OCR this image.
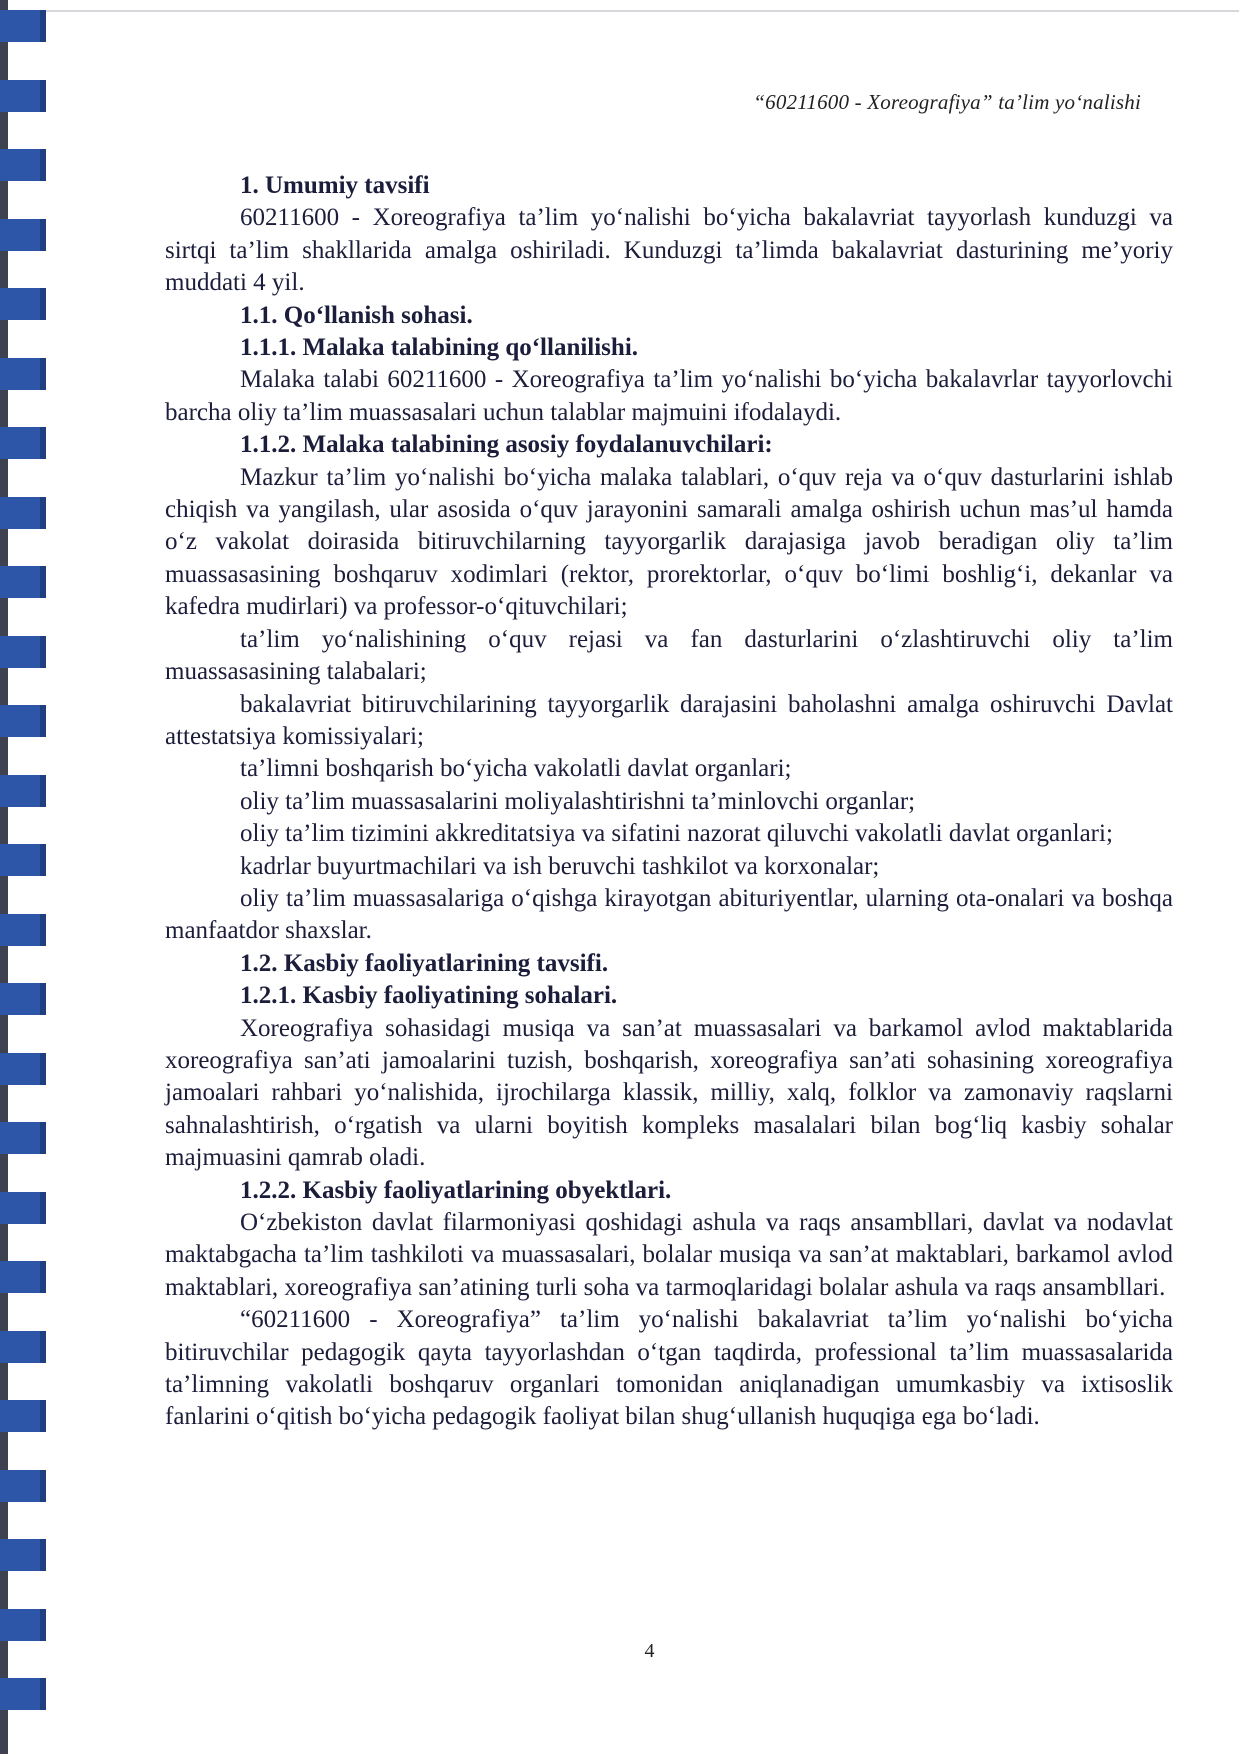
“60211600 - Xoreografiya” ta’lim yo‘nalishi

1. Umumiy tavsifi

60211600 - Xoreografiya ta’lim yo‘nalishi bo‘yicha bakalavriat tayyorlash kunduzgi va sirtqi ta’lim shakllarida amalga oshiriladi. Kunduzgi ta’limda bakalavriat dasturining me’yoriy muddati 4 yil.

1.1. Qo‘llanish sohasi.

1.1.1. Malaka talabining qo‘llanilishi.

Malaka talabi 60211600 - Xoreografiya ta’lim yo‘nalishi bo‘yicha bakalavrlar tayyorlovchi barcha oliy ta’lim muassasalari uchun talablar majmuini ifodalaydi.

1.1.2. Malaka talabining asosiy foydalanuvchilari:

Mazkur ta’lim yo‘nalishi bo‘yicha malaka talablari, o‘quv reja va o‘quv dasturlarini ishlab chiqish va yangilash, ular asosida o‘quv jarayonini samarali amalga oshirish uchun mas’ul hamda o‘z vakolat doirasida bitiruvchilarning tayyorgarlik darajasiga javob beradigan oliy ta’lim muassasasining boshqaruv xodimlari (rektor, prorektorlar, o‘quv bo‘limi boshlig‘i, dekanlar va kafedra mudirlari) va professor-o‘qituvchilari;

ta’lim yo‘nalishining o‘quv rejasi va fan dasturlarini o‘zlashtiruvchi oliy ta’lim muassasasining talabalari;

bakalavriat bitiruvchilarining tayyorgarlik darajasini baholashni amalga oshiruvchi Davlat attestatsiya komissiyalari;

ta’limni boshqarish bo‘yicha vakolatli davlat organlari;

oliy ta’lim muassasalarini moliyalashtirishni ta’minlovchi organlar;

oliy ta’lim tizimini akkreditatsiya va sifatini nazorat qiluvchi vakolatli davlat organlari;

kadrlar buyurtmachilari va ish beruvchi tashkilot va korxonalar;

oliy ta’lim muassasalariga o‘qishga kirayotgan abituriyentlar, ularning ota-onalari va boshqa manfaatdor shaxslar.

1.2. Kasbiy faoliyatlarining tavsifi.

1.2.1. Kasbiy faoliyatining sohalari.

Xoreografiya sohasidagi musiqa va san’at muassasalari va barkamol avlod maktablarida xoreografiya san’ati jamoalarini tuzish, boshqarish, xoreografiya san’ati sohasining xoreografiya jamoalari rahbari yo‘nalishida, ijrochilarga klassik, milliy, xalq, folklor va zamonaviy raqslarni sahnalashtirish, o‘rgatish va ularni boyitish kompleks masalalari bilan bog‘liq kasbiy sohalar majmuasini qamrab oladi.

1.2.2. Kasbiy faoliyatlarining obyektlari.

O‘zbekiston davlat filarmoniyasi qoshidagi ashula va raqs ansambllari, davlat va nodavlat maktabgacha ta’lim tashkiloti va muassasalari, bolalar musiqa va san’at maktablari, barkamol avlod maktablari, xoreografiya san’atining turli soha va tarmoqlaridagi bolalar ashula va raqs ansambllari.

“60211600 - Xoreografiya” ta’lim yo‘nalishi bakalavriat ta’lim yo‘nalishi bo‘yicha bitiruvchilar pedagogik qayta tayyorlashdan o‘tgan taqdirda, professional ta’lim muassasalarida ta’limning vakolatli boshqaruv organlari tomonidan aniqlanadigan umumkasbiy va ixtisoslik fanlarini o‘qitish bo‘yicha pedagogik faoliyat bilan shug‘ullanish huquqiga ega bo‘ladi.

4
